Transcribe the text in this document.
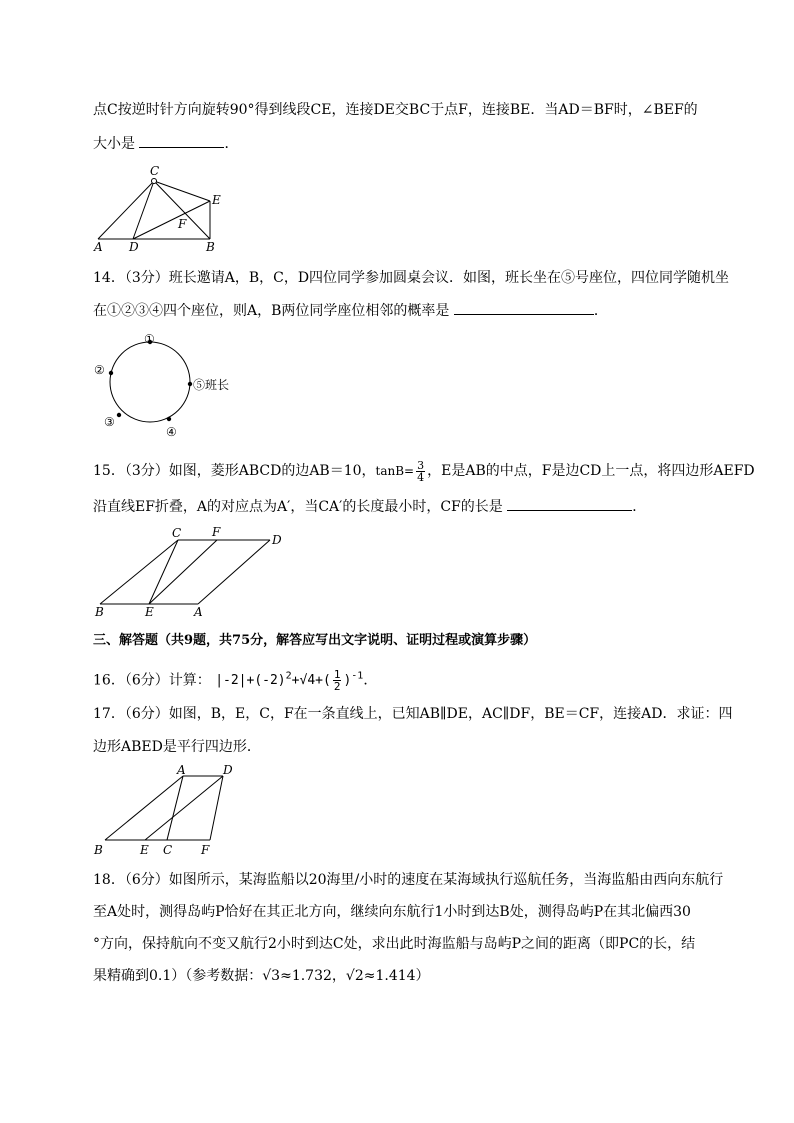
点C按逆时针方向旋转90°得到线段CE，连接DE交BC于点F，连接BE．当AD＝BF时，∠BEF的
大小是	．
C
E
F
A D	B
14．（3分）班长邀请A，B，C，D四位同学参加圆桌会议．如图，班长坐在⑤号座位，四位同学随机坐
在①②③④四个座位，则A，B两位同学座位相邻的概率是	．
①
②
③
④
⑤班长
15．（3分）如图，菱形ABCD的边AB＝10，$\tan B= \frac{3}{4}$ ，E是AB的中点，F是边CD上一点，将四边形AEFD
沿直线EF折叠，A的对应点为A′，当CA′的长度最小时，CF的长是	．
C	F
D
B	E	A
三、解答题（共9题，共75分，解答应写出文字说明、证明过程或演算步骤）
16．（6分）计算： $|-2|+(-2)^2+√4+( \frac{1}{2} )^{-1}$．
17．（6分）如图，B，E，C，F在一条直线上，已知AB∥DE，AC∥DF，BE＝CF，连接AD．求证：四
边形ABED是平行四边形．
A	D
B	E C F
18．（6分）如图所示，某海监船以20海里/小时的速度在某海域执行巡航任务，当海监船由西向东航行
至A处时，测得岛屿P恰好在其正北方向，继续向东航行1小时到达B处，测得岛屿P在其北偏西30
°方向，保持航向不变又航行2小时到达C处，求出此时海监船与岛屿P之间的距离（即PC的长，结
果精确到0.1）（参考数据：√3≈1.732，√2≈1.414）
